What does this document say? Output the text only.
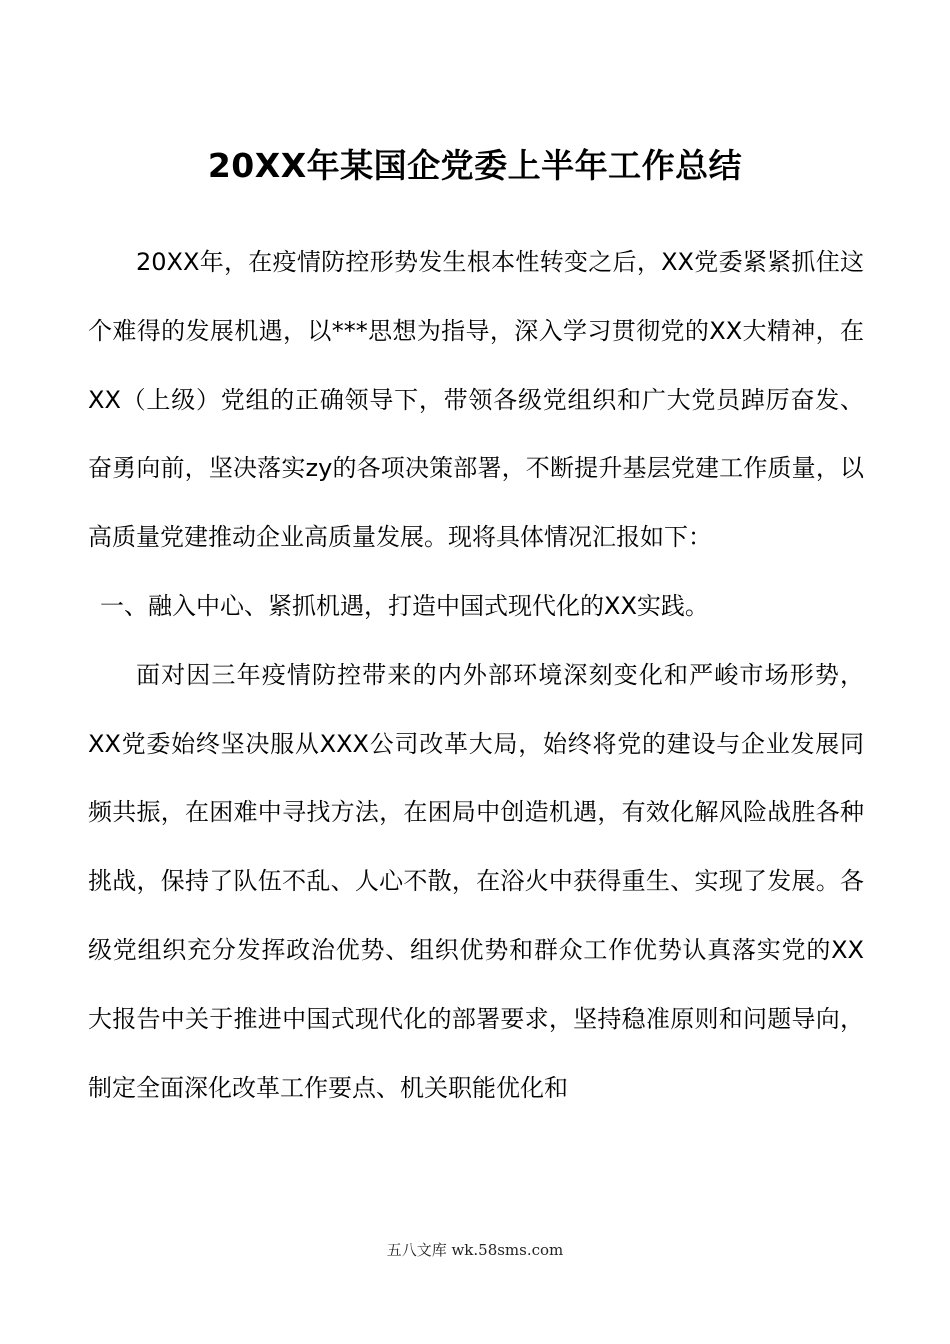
20XX年某国企党委上半年工作总结

20XX年，在疫情防控形势发生根本性转变之后，XX党委紧紧抓住这个难得的发展机遇，以***思想为指导，深入学习贯彻党的XX大精神，在XX（上级）党组的正确领导下，带领各级党组织和广大党员踔厉奋发、奋勇向前，坚决落实zy的各项决策部署，不断提升基层党建工作质量，以高质量党建推动企业高质量发展。现将具体情况汇报如下：

一、融入中心、紧抓机遇，打造中国式现代化的XX实践。

面对因三年疫情防控带来的内外部环境深刻变化和严峻市场形势，XX党委始终坚决服从XXX公司改革大局，始终将党的建设与企业发展同频共振，在困难中寻找方法，在困局中创造机遇，有效化解风险战胜各种挑战，保持了队伍不乱、人心不散，在浴火中获得重生、实现了发展。各级党组织充分发挥政治优势、组织优势和群众工作优势认真落实党的XX大报告中关于推进中国式现代化的部署要求，坚持稳准原则和问题导向，制定全面深化改革工作要点、机关职能优化和

五八文库 wk.58sms.com
